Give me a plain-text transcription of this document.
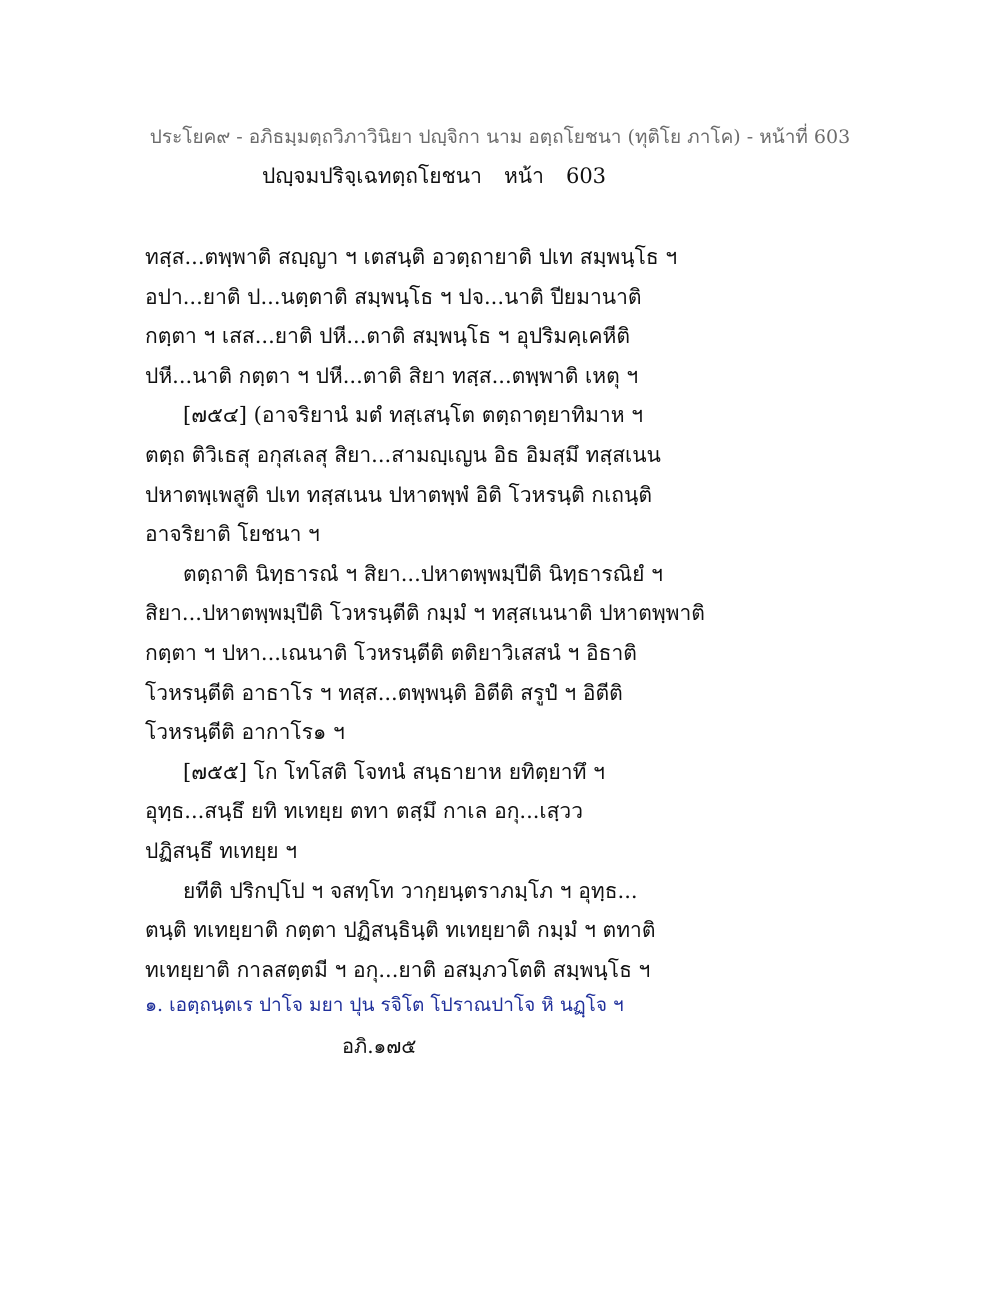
ประโยค๙ - อภิธมฺมตฺถวิภาวินิยา ปญฺจิกา นาม อตฺถโยชนา (ทุติโย ภาโค) - หน้าที่ 603
ปญฺจมปริจฺเฉทตฺถโยชนา หน้า 603
ทสฺส...ตพฺพาติ สญฺญา ฯ เตสนฺติ อวตฺถายาติ ปเท สมฺพนฺโธ ฯ
อปา...ยาติ ป...นตฺตาติ สมฺพนฺโธ ฯ ปจ...นาติ ปียมานาติ
กตฺตา ฯ เสส...ยาติ ปหี...ตาติ สมฺพนฺโธ ฯ อุปริมคฺเคหีติ
ปหี...นาติ กตฺตา ฯ ปหี...ตาติ สิยา ทสฺส...ตพฺพาติ เหตุ ฯ
[๗๕๔] (อาจริยานํ มตํ ทสฺเสนฺโต ตตฺถาตฺยาทิมาห ฯ
ตตฺถ ติวิเธสุ อกุสเลสุ สิยา...สามญฺเญน อิธ อิมสฺมึ ทสฺสเนน
ปหาตพฺเพสูติ ปเท ทสฺสเนน ปหาตพฺพํ อิติ โวหรนฺติ กเถนฺติ
อาจริยาติ โยชนา ฯ
ตตฺถาติ นิทฺธารณํ ฯ สิยา...ปหาตพฺพมฺปีติ นิทฺธารณิยํ ฯ
สิยา...ปหาตพฺพมฺปีติ โวหรนฺตีติ กมฺมํ ฯ ทสฺสเนนาติ ปหาตพฺพาติ
กตฺตา ฯ ปหา...เณนาติ โวหรนฺตีติ ตติยาวิเสสนํ ฯ อิธาติ
โวหรนฺตีติ อาธาโร ฯ ทสฺส...ตพฺพนฺติ อิตีติ สรูปํ ฯ อิตีติ
โวหรนฺตีติ อากาโร๑ ฯ
[๗๕๕] โก โทโสติ โจทนํ สนฺธายาห ยทิตฺยาทึ ฯ
อุทฺธ...สนฺธึ ยทิ ทเทยฺย ตทา ตสฺมึ กาเล อกุ...เสฺวว
ปฏิสนฺธึ ทเทยฺย ฯ
ยทีติ ปริกปฺโป ฯ จสทฺโท วากฺยนฺตราภมฺโภ ฯ อุทฺธ...
ตนฺติ ทเทยฺยาติ กตฺตา ปฏิสนฺธินฺติ ทเทยฺยาติ กมฺมํ ฯ ตทาติ
ทเทยฺยาติ กาลสตฺตมี ฯ อกุ...ยาติ อสมฺภวโตติ สมฺพนฺโธ ฯ
๑. เอตฺถนฺตเร ปาโจ มยา ปุน รจิโต โปราณปาโจ หิ นฏฺโจ ฯ
อภิ.๑๗๕
